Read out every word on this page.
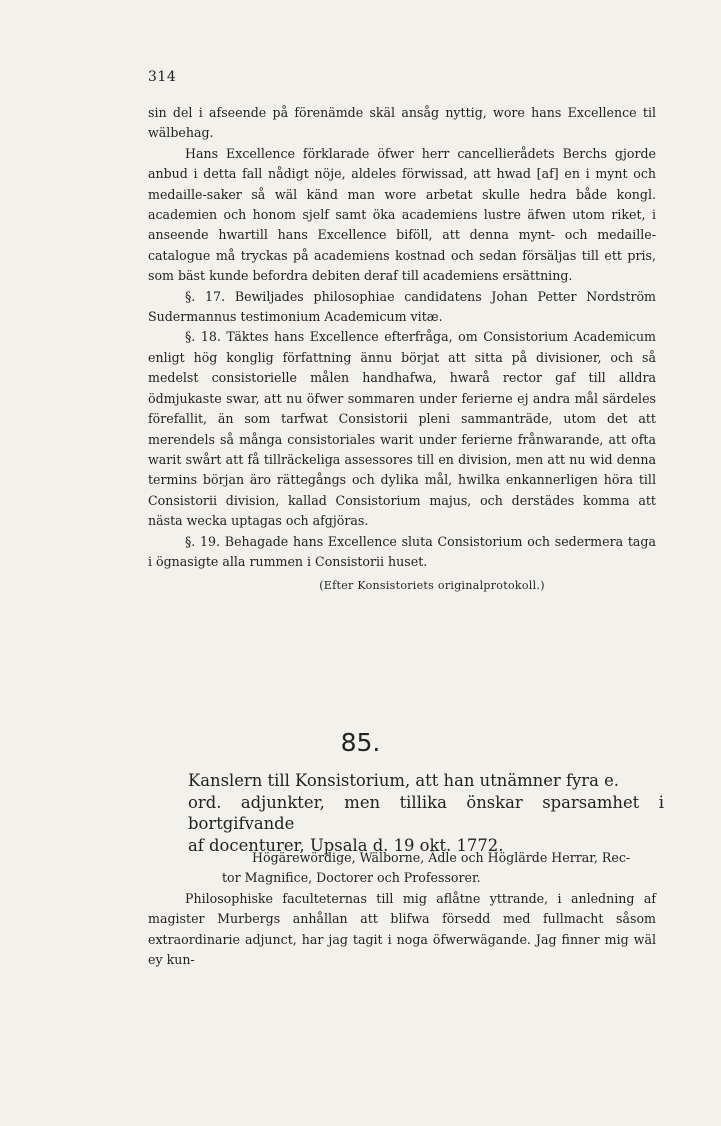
314

sin del i afseende på förenämde skäl ansåg nyttig, wore hans Excellence til wälbehag.

Hans Excellence förklarade öfwer herr cancellierådets Berchs gjorde anbud i detta fall nådigt nöje, aldeles förwissad, att hwad [af] en i mynt och medaille-saker så wäl känd man wore arbetat skulle hedra både kongl. academien och honom sjelf samt öka academiens lustre äfwen utom riket, i anseende hwartill hans Excellence biföll, att denna mynt- och medaille-catalogue må tryckas på academiens kostnad och sedan försäljas till ett pris, som bäst kunde befordra debiten deraf till academiens ersättning.

§. 17. Bewiljades philosophiae candidatens Johan Petter Nordström Sudermannus testimonium Academicum vitæ.

§. 18. Täktes hans Excellence efterfråga, om Consistorium Academicum enligt hög konglig författning ännu börjat att sitta på divisioner, och så medelst consistorielle målen handhafwa, hwarå rector gaf till alldra ödmjukaste swar, att nu öfwer sommaren under ferierne ej andra mål särdeles förefallit, än som tarfwat Consistorii pleni sammanträde, utom det att merendels så många consistoriales warit under ferierne frånwarande, att ofta warit swårt att få tillräckeliga assessores till en division, men att nu wid denna termins början äro rättegångs och dylika mål, hwilka enkannerligen höra till Consistorii division, kallad Consistorium majus, och derstädes komma att nästa wecka uptagas och afgjöras.

§. 19. Behagade hans Excellence sluta Consistorium och sedermera taga i ögnasigte alla rummen i Consistorii huset.

(Efter Konsistoriets originalprotokoll.)

85.
Kanslern till Konsistorium, att han utnämner fyra e.
ord. adjunkter, men tillika önskar sparsamhet i bortgifvande
af docenturer, Upsala d. 19 okt. 1772.

Högärewördige, Wälborne, Ädle och Höglärde Herrar, Rec-
tor Magnifice, Doctorer och Professorer.

Philosophiske faculteternas till mig aflåtne yttrande, i anledning af magister Murbergs anhållan att blifwa försedd med fullmacht såsom extraordinarie adjunct, har jag tagit i noga öfwerwägande. Jag finner mig wäl ey kun-
